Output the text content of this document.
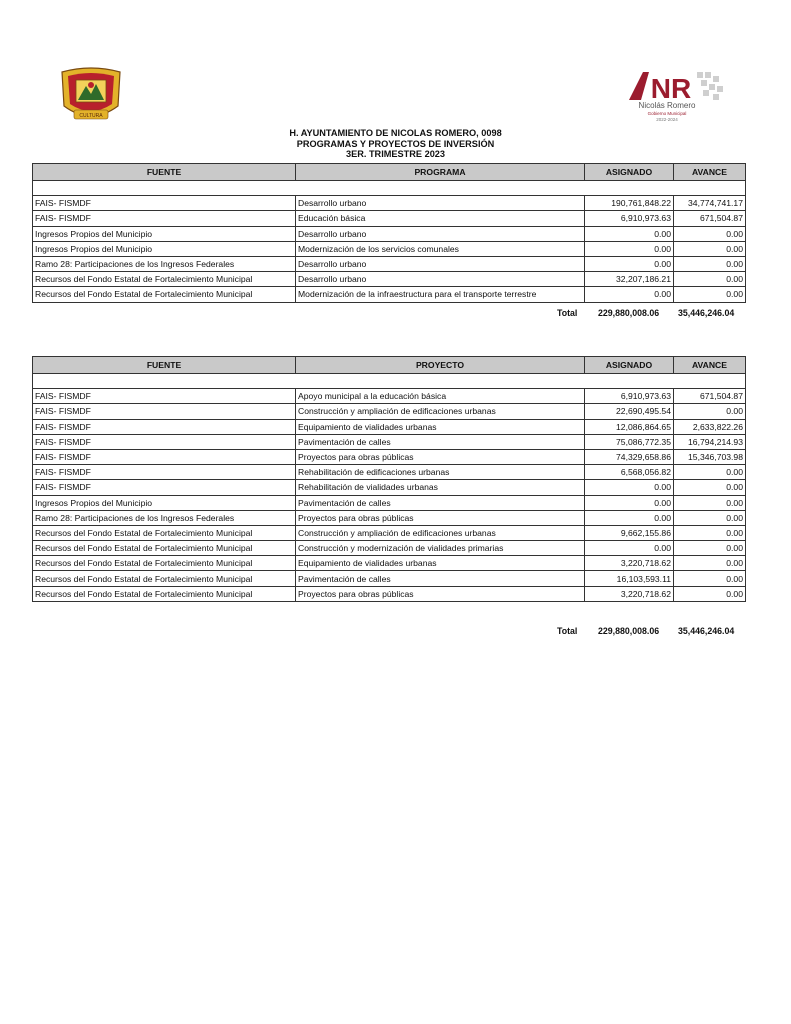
CULTURA
NR
Nicolás Romero
Gobierno Municipal
2022-2024
H. AYUNTAMIENTO DE NICOLAS ROMERO, 0098
PROGRAMAS Y PROYECTOS DE INVERSIÓN
3ER. TRIMESTRE 2023
FUENTE	PROGRAMA	ASIGNADO	AVANCE

FAIS- FISMDF	Desarrollo urbano	190,761,848.22	34,774,741.17
FAIS- FISMDF	Educación básica	6,910,973.63	671,504.87
Ingresos Propios del Municipio	Desarrollo urbano	0.00	0.00
Ingresos Propios del Municipio	Modernización de los servicios comunales	0.00	0.00
Ramo 28: Participaciones de los Ingresos Federales	Desarrollo urbano	0.00	0.00
Recursos del Fondo Estatal de Fortalecimiento Municipal	Desarrollo urbano	32,207,186.21	0.00
Recursos del Fondo Estatal de Fortalecimiento Municipal	Modernización de la infraestructura para el transporte terrestre	0.00	0.00
Total 229,880,008.06 35,446,246.04
FUENTE	PROYECTO	ASIGNADO	AVANCE

FAIS- FISMDF	Apoyo municipal a la educación básica	6,910,973.63	671,504.87
FAIS- FISMDF	Construcción y ampliación de edificaciones urbanas	22,690,495.54	0.00
FAIS- FISMDF	Equipamiento de vialidades urbanas	12,086,864.65	2,633,822.26
FAIS- FISMDF	Pavimentación de calles	75,086,772.35	16,794,214.93
FAIS- FISMDF	Proyectos para obras públicas	74,329,658.86	15,346,703.98
FAIS- FISMDF	Rehabilitación de edificaciones urbanas	6,568,056.82	0.00
FAIS- FISMDF	Rehabilitación de vialidades urbanas	0.00	0.00
Ingresos Propios del Municipio	Pavimentación de calles	0.00	0.00
Ramo 28: Participaciones de los Ingresos Federales	Proyectos para obras públicas	0.00	0.00
Recursos del Fondo Estatal de Fortalecimiento Municipal	Construcción y ampliación de edificaciones urbanas	9,662,155.86	0.00
Recursos del Fondo Estatal de Fortalecimiento Municipal	Construcción y modernización de vialidades primarias	0.00	0.00
Recursos del Fondo Estatal de Fortalecimiento Municipal	Equipamiento de vialidades urbanas	3,220,718.62	0.00
Recursos del Fondo Estatal de Fortalecimiento Municipal	Pavimentación de calles	16,103,593.11	0.00
Recursos del Fondo Estatal de Fortalecimiento Municipal	Proyectos para obras públicas	3,220,718.62	0.00
Total 229,880,008.06 35,446,246.04
